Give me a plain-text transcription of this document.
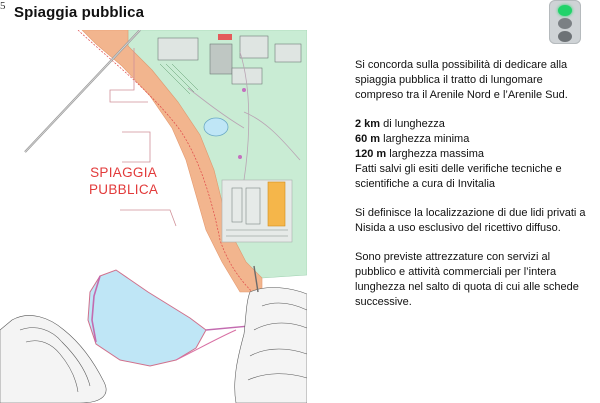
5 Spiaggia pubblica
SPIAGGIA
PUBBLICA

Si concorda sulla possibilità di dedicare alla spiaggia pubblica il tratto di lungomare compreso tra il Arenile Nord e l’Arenile Sud.

2 km di lunghezza
60 m larghezza minima
120 m larghezza massima
Fatti salvi gli esiti delle verifiche tecniche e scientifiche a cura di Invitalia

Si definisce la localizzazione di due lidi privati a Nisida a uso esclusivo del ricettivo diffuso.

Sono previste attrezzature con servizi al pubblico e attività commerciali per l’intera lunghezza nel salto di quota di cui alle schede successive.
